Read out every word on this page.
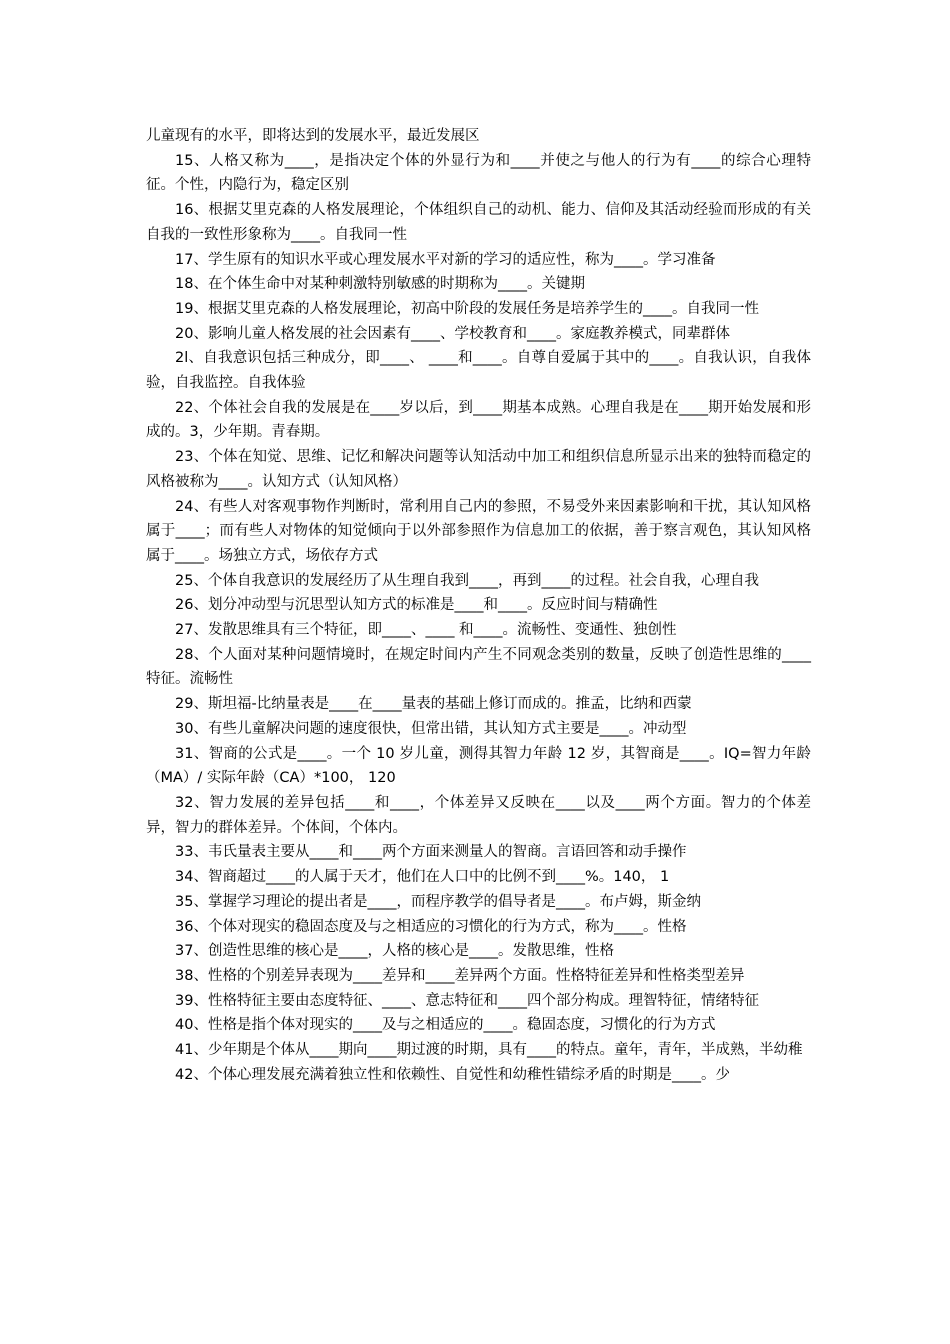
儿童现有的水平，即将达到的发展水平，最近发展区

15、人格又称为____，是指决定个体的外显行为和____并使之与他人的行为有____的综合心理特征。个性，内隐行为，稳定区别

16、根据艾里克森的人格发展理论，个体组织自己的动机、能力、信仰及其活动经验而形成的有关自我的一致性形象称为____。自我同一性

17、学生原有的知识水平或心理发展水平对新的学习的适应性，称为____。学习准备

18、在个体生命中对某种刺激特别敏感的时期称为____。关键期

19、根据艾里克森的人格发展理论，初高中阶段的发展任务是培养学生的____。自我同一性

20、影响儿童人格发展的社会因素有____、学校教育和____。家庭教养模式，同辈群体

2l、自我意识包括三种成分，即____、 ____和____。自尊自爱属于其中的____。自我认识，自我体验，自我监控。自我体验

22、个体社会自我的发展是在____岁以后，到____期基本成熟。心理自我是在____期开始发展和形成的。3，少年期。青春期。

23、个体在知觉、思维、记忆和解决问题等认知活动中加工和组织信息所显示出来的独特而稳定的风格被称为____。认知方式（认知风格）

24、有些人对客观事物作判断时，常利用自己内的参照，不易受外来因素影响和干扰，其认知风格属于____；而有些人对物体的知觉倾向于以外部参照作为信息加工的依据，善于察言观色，其认知风格属于____。场独立方式，场依存方式

25、个体自我意识的发展经历了从生理自我到____，再到____的过程。社会自我，心理自我

26、划分冲动型与沉思型认知方式的标准是____和____。反应时间与精确性

27、发散思维具有三个特征，即____、____ 和____。流畅性、变通性、独创性

28、个人面对某种问题情境时，在规定时间内产生不同观念类别的数量，反映了创造性思维的____特征。流畅性

29、斯坦福-比纳量表是____在____量表的基础上修订而成的。推孟，比纳和西蒙

30、有些儿童解决问题的速度很快，但常出错，其认知方式主要是____。冲动型

31、智商的公式是____。一个 10 岁儿童，测得其智力年龄 12 岁，其智商是____。IQ=智力年龄（MA）/ 实际年龄（CA）*100， 120

32、智力发展的差异包括____和____，个体差异又反映在____以及____两个方面。智力的个体差异，智力的群体差异。个体间，个体内。

33、韦氏量表主要从____和____两个方面来测量人的智商。言语回答和动手操作

34、智商超过____的人属于天才，他们在人口中的比例不到____%。140， 1

35、掌握学习理论的提出者是____，而程序教学的倡导者是____。布卢姆，斯金纳

36、个体对现实的稳固态度及与之相适应的习惯化的行为方式，称为____。性格

37、创造性思维的核心是____，人格的核心是____。发散思维，性格

38、性格的个别差异表现为____差异和____差异两个方面。性格特征差异和性格类型差异

39、性格特征主要由态度特征、____、意志特征和____四个部分构成。理智特征，情绪特征

40、性格是指个体对现实的____及与之相适应的____。稳固态度，习惯化的行为方式

41、少年期是个体从____期向____期过渡的时期，具有____的特点。童年，青年，半成熟，半幼稚

42、个体心理发展充满着独立性和依赖性、自觉性和幼稚性错综矛盾的时期是____。少
